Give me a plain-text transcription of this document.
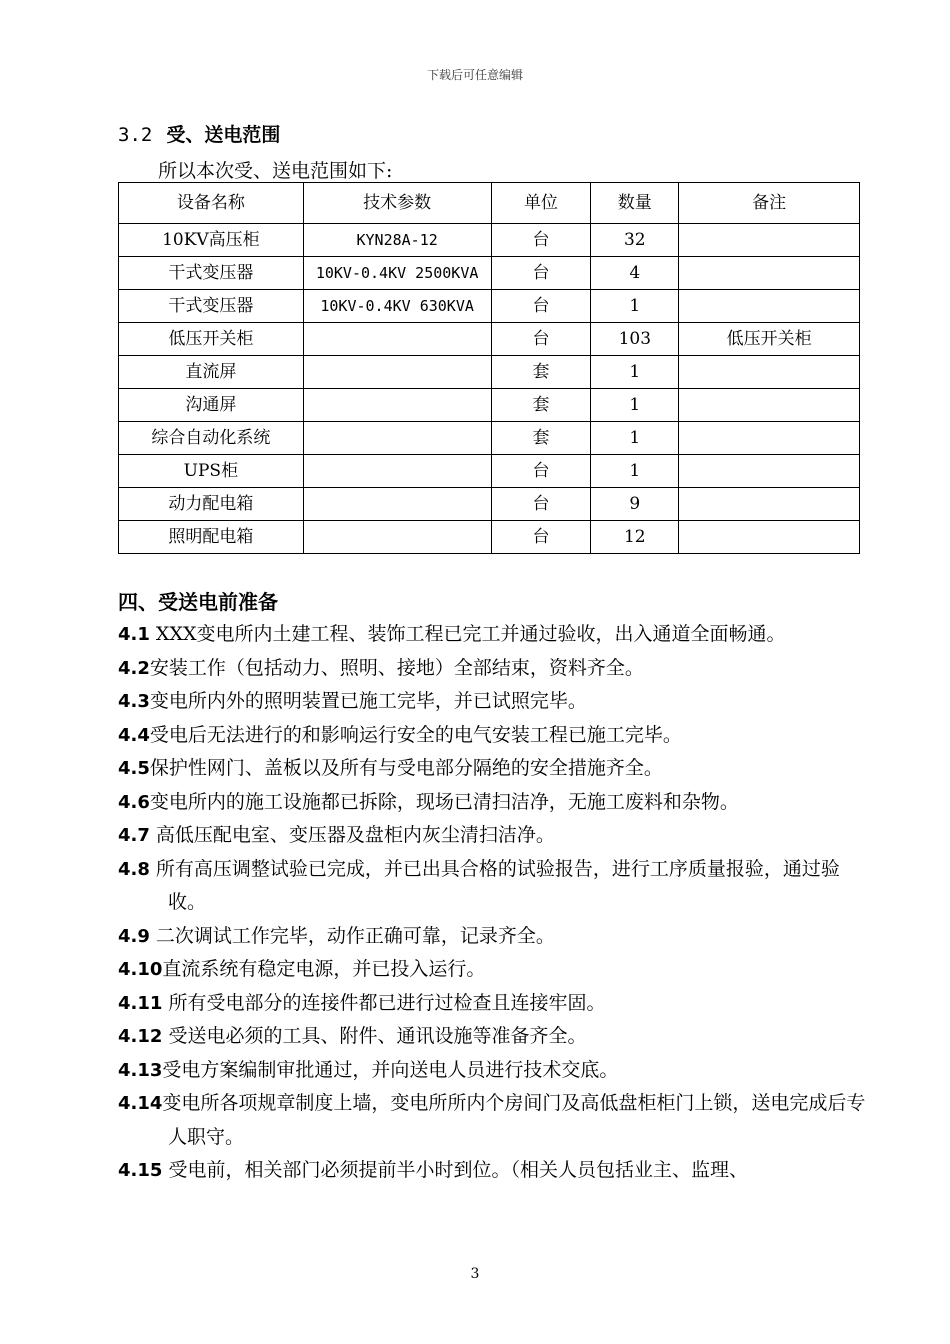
下载后可任意编辑
3.2 受、送电范围
所以本次受、送电范围如下:
设备名称	技术参数	单位	数量	备注
10KV高压柜	KYN28A-12	台	32	
干式变压器	10KV-0.4KV 2500KVA	台	4	
干式变压器	10KV-0.4KV 630KVA	台	1	
低压开关柜		台	103	低压开关柜
直流屏		套	1	
沟通屏		套	1	
综合自动化系统		套	1	
UPS柜		台	1	
动力配电箱		台	9	
照明配电箱		台	12	
四、受送电前准备
4.1 XXX变电所内土建工程、装饰工程已完工并通过验收，出入通道全面畅通。
4.2安装工作（包括动力、照明、接地）全部结束，资料齐全。
4.3变电所内外的照明装置已施工完毕，并已试照完毕。
4.4受电后无法进行的和影响运行安全的电气安装工程已施工完毕。
4.5保护性网门、盖板以及所有与受电部分隔绝的安全措施齐全。
4.6变电所内的施工设施都已拆除，现场已清扫洁净，无施工废料和杂物。
4.7 高低压配电室、变压器及盘柜内灰尘清扫洁净。
4.8 所有高压调整试验已完成，并已出具合格的试验报告，进行工序质量报验，通过验收。
4.9 二次调试工作完毕，动作正确可靠，记录齐全。
4.10直流系统有稳定电源，并已投入运行。
4.11 所有受电部分的连接件都已进行过检查且连接牢固。
4.12 受送电必须的工具、附件、通讯设施等准备齐全。
4.13受电方案编制审批通过，并向送电人员进行技术交底。
4.14变电所各项规章制度上墙，变电所所内个房间门及高低盘柜柜门上锁，送电完成后专人职守。
4.15 受电前，相关部门必须提前半小时到位。（相关人员包括业主、监理、
3
